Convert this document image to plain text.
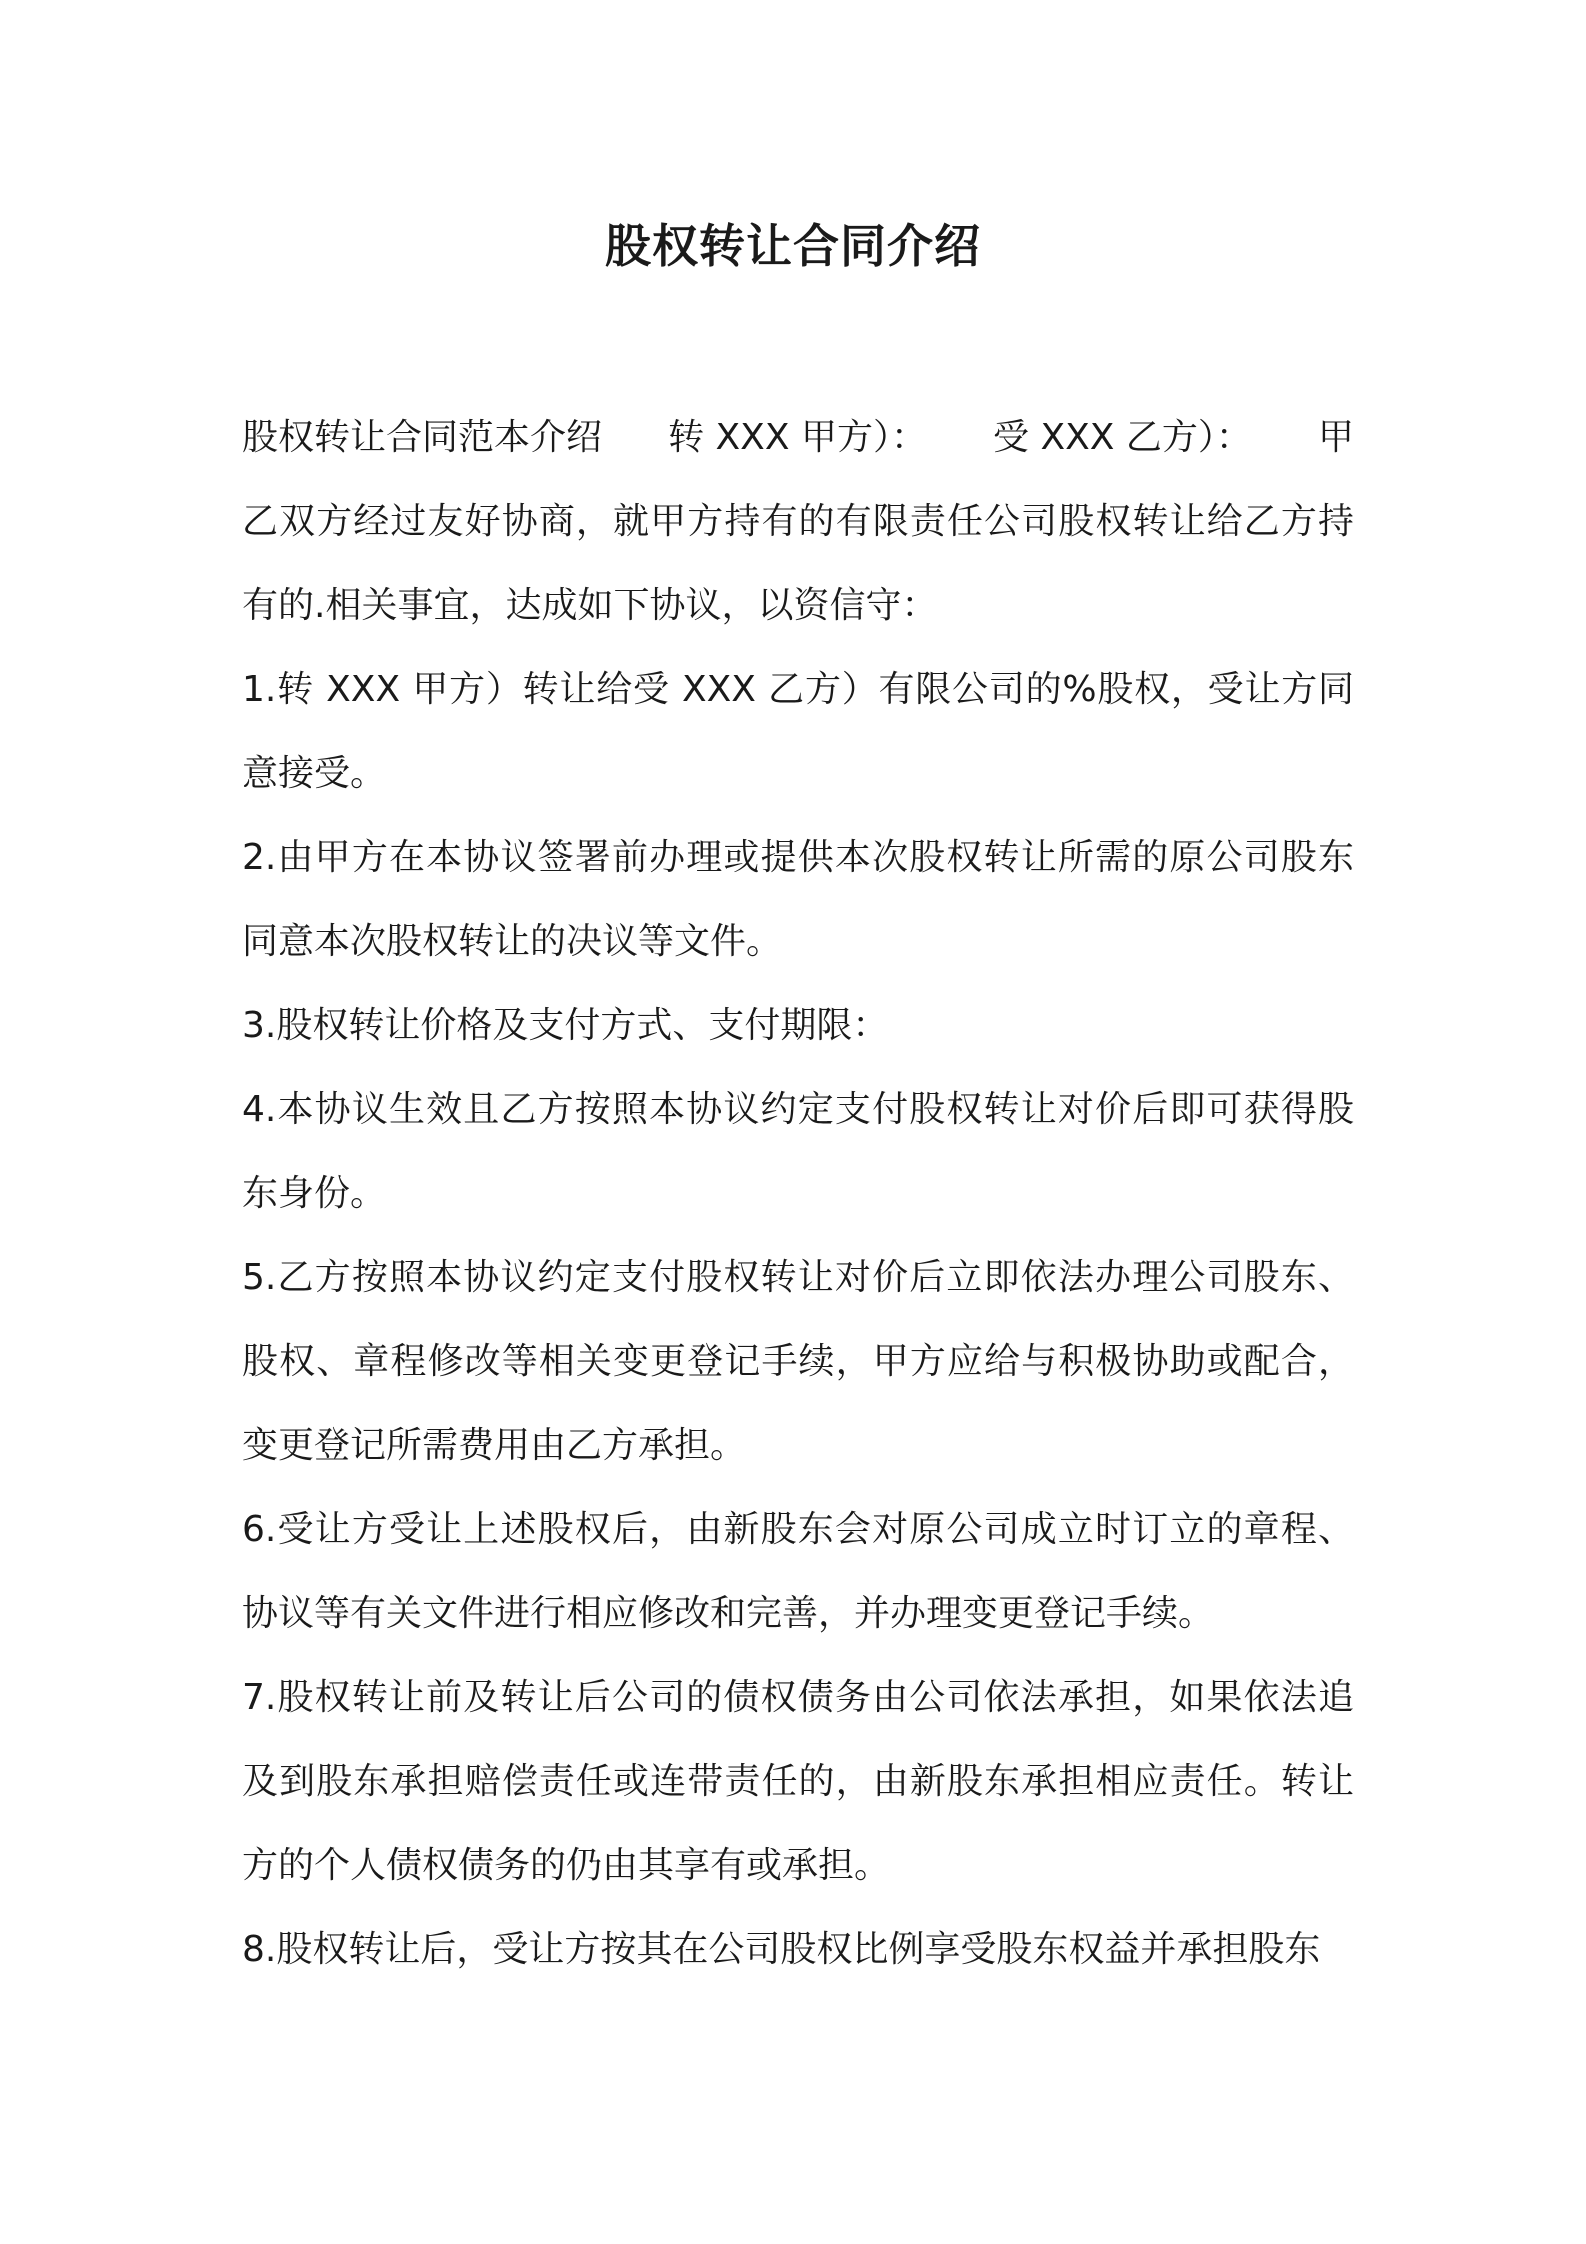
股权转让合同介绍
股权转让合同范本介绍 转 XXX 甲方）： 受 XXX 乙方）： 甲

乙双方经过友好协商，就甲方持有的有限责任公司股权转让给乙方持有的.相关事宜，达成如下协议，以资信守：

1.转 XXX 甲方）转让给受 XXX 乙方）有限公司的%股权，受让方同意接受。

2.由甲方在本协议签署前办理或提供本次股权转让所需的原公司股东同意本次股权转让的决议等文件。

3.股权转让价格及支付方式、支付期限：

4.本协议生效且乙方按照本协议约定支付股权转让对价后即可获得股东身份。

5.乙方按照本协议约定支付股权转让对价后立即依法办理公司股东、股权、章程修改等相关变更登记手续，甲方应给与积极协助或配合，变更登记所需费用由乙方承担。

6.受让方受让上述股权后，由新股东会对原公司成立时订立的章程、协议等有关文件进行相应修改和完善，并办理变更登记手续。

7.股权转让前及转让后公司的债权债务由公司依法承担，如果依法追及到股东承担赔偿责任或连带责任的，由新股东承担相应责任。转让方的个人债权债务的仍由其享有或承担。

8.股权转让后，受让方按其在公司股权比例享受股东权益并承担股东
